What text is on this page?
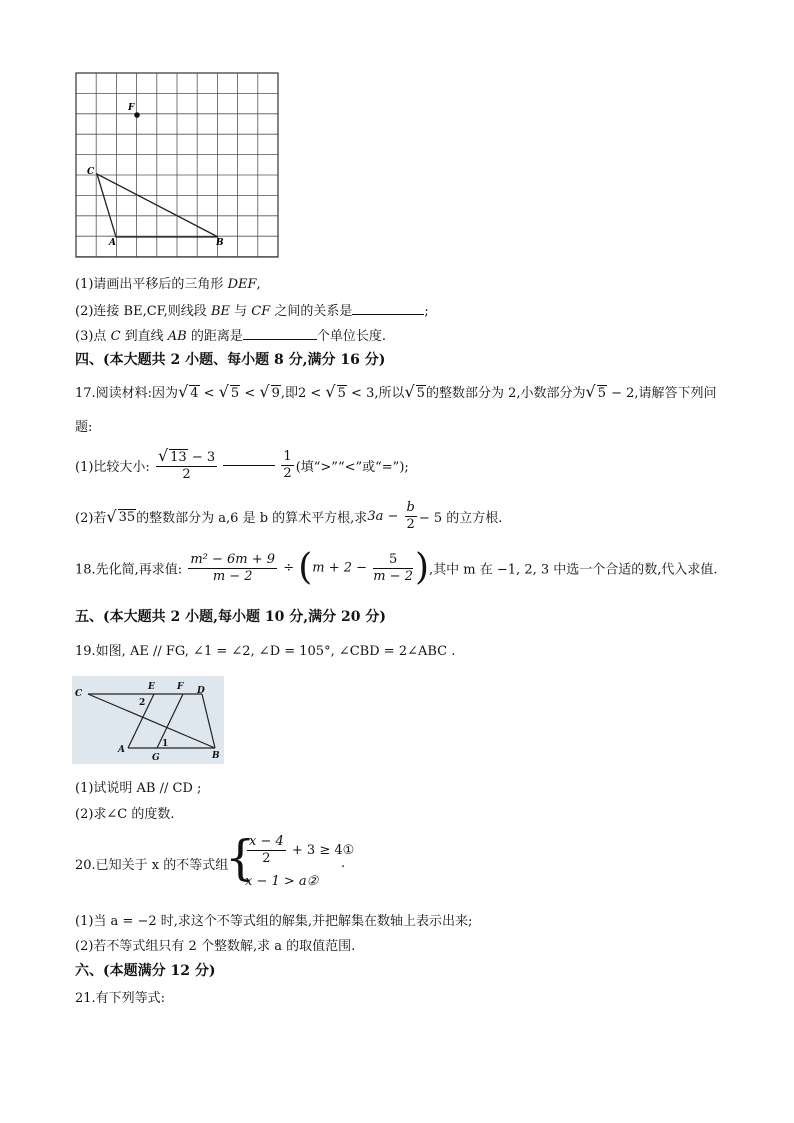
F
C
A	B
(1)请画出平移后的三角形 DEF,
(2)连接 BE,CF,则线段 BE 与 CF 之间的关系是	;
(3)点 C 到直线 AB 的距离是	个单位长度.
四、(本大题共 2 小题、每小题 8 分,满分 16 分)
17.阅读材料:因为√ 4 < √ 5 < √ 9,即2 < √ 5 < 3,所以√ 5的整数部分为 2,小数部分为√ 5 − 2,请解答下列问
题:
(1)比较大小: $\frac{√ 13 - 3}{2}$
	$\frac{1}{2}$ (填“>”“<”或“=”);
(2)若√ 35的整数部分为 a,6 是 b 的算术平方根,求$3a - \frac{b}{2} - 5$ 的立方根.
18.先化简,再求值: $\frac{\text{m² − 6m + 9}}{m - 2} \div (m + 2 - \frac{5}{m - 2}$ ),其中 m 在 −1, 2, 3 中选一个合适的数,代入求值.
五、(本大题共 2 小题,每小题 10 分,满分 20 分)
19.如图, AE // FG, ∠1 = ∠2, ∠D = 105°, ∠CBD = 2∠ABC .
C
E F D
2
A
G
1
B
(1)试说明 AB // CD ;
(2)求∠C 的度数.
20.已知关于 x 的不等式组
{
$\frac{x - 4}{2} + 3$ ≥ 4①
x − 1 > a②
.
(1)当 a = −2 时,求这个不等式组的解集,并把解集在数轴上表示出来;
(2)若不等式组只有 2 个整数解,求 a 的取值范围.
六、(本题满分 12 分)
21.有下列等式:
